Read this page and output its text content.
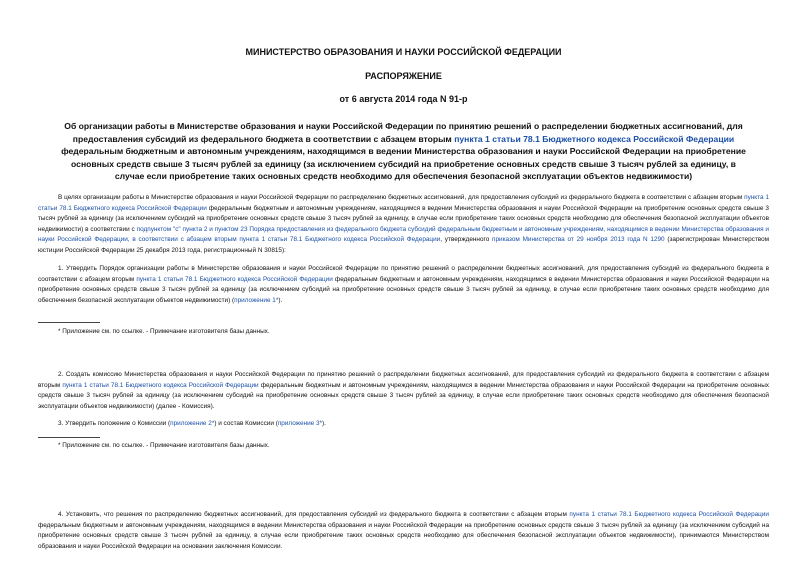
МИНИСТЕРСТВО ОБРАЗОВАНИЯ И НАУКИ РОССИЙСКОЙ ФЕДЕРАЦИИ
РАСПОРЯЖЕНИЕ
от 6 августа 2014 года N 91-р
Об организации работы в Министерстве образования и науки Российской Федерации по принятию решений о распределении бюджетных ассигнований, для предоставления субсидий из федерального бюджета в соответствии с абзацем вторым пункта 1 статьи 78.1 Бюджетного кодекса Российской Федерации федеральным бюджетным и автономным учреждениям, находящимся в ведении Министерства образования и науки Российской Федерации на приобретение основных средств свыше 3 тысяч рублей за единицу (за исключением субсидий на приобретение основных средств свыше 3 тысяч рублей за единицу, в случае если приобретение таких основных средств необходимо для обеспечения безопасной эксплуатации объектов недвижимости)
В целях организации работы в Министерстве образования и науки Российской Федерации по распределению бюджетных ассигнований, для предоставления субсидий из федерального бюджета в соответствии с абзацем вторым пункта 1 статьи 78.1 Бюджетного кодекса Российской Федерации федеральным бюджетным и автономным учреждениям, находящимся в ведении Министерства образования и науки Российской Федерации на приобретение основных средств свыше 3 тысяч рублей за единицу (за исключением субсидий на приобретение основных средств свыше 3 тысяч рублей за единицу, в случае если приобретение таких основных средств необходимо для обеспечения безопасной эксплуатации объектов недвижимости) в соответствии с подпунктом "с" пункта 2 и пунктом 23 Порядка предоставления из федерального бюджета субсидий федеральным бюджетным и автономным учреждениям, находящимся в ведении Министерства образования и науки Российской Федерации, в соответствии с абзацем вторым пункта 1 статьи 78.1 Бюджетного кодекса Российской Федерации, утвержденного приказом Министерства от 29 ноября 2013 года N 1290 (зарегистрирован Министерством юстиции Российской Федерации 25 декабря 2013 года, регистрационный N 30815):
1. Утвердить Порядок организации работы в Министерстве образования и науки Российской Федерации по принятию решений о распределении бюджетных ассигнований, для предоставления субсидий из федерального бюджета в соответствии с абзацем вторым пункта 1 статьи 78.1 Бюджетного кодекса Российской Федерации федеральным бюджетным и автономным учреждениям, находящимся в ведении Министерства образования и науки Российской Федерации на приобретение основных средств свыше 3 тысяч рублей за единицу (за исключением субсидий на приобретение основных средств свыше 3 тысяч рублей за единицу, в случае если приобретение таких основных средств необходимо для обеспечения безопасной эксплуатации объектов недвижимости) (приложение 1*).
* Приложение см. по ссылке. - Примечание изготовителя базы данных.
2. Создать комиссию Министерства образования и науки Российской Федерации по принятию решений о распределении бюджетных ассигнований, для предоставления субсидий из федерального бюджета в соответствии с абзацем вторым пункта 1 статьи 78.1 Бюджетного кодекса Российской Федерации федеральным бюджетным и автономным учреждениям, находящимся в ведении Министерства образования и науки Российской Федерации на приобретение основных средств свыше 3 тысяч рублей за единицу (за исключением субсидий на приобретение основных средств свыше 3 тысяч рублей за единицу, в случае если приобретение таких основных средств необходимо для обеспечения безопасной эксплуатации объектов недвижимости) (далее - Комиссия).
3. Утвердить положение о Комиссии (приложение 2*) и состав Комиссии (приложение 3*).
* Приложение см. по ссылке. - Примечание изготовителя базы данных.
4. Установить, что решения по распределению бюджетных ассигнований, для предоставления субсидий из федерального бюджета в соответствии с абзацем вторым пункта 1 статьи 78.1 Бюджетного кодекса Российской Федерации федеральным бюджетным и автономным учреждениям, находящимся в ведении Министерства образования и науки Российской Федерации на приобретение основных средств свыше 3 тысяч рублей за единицу (за исключением субсидий на приобретение основных средств свыше 3 тысяч рублей за единицу, в случае если приобретение таких основных средств необходимо для обеспечения безопасной эксплуатации объектов недвижимости), принимаются Министерством образования и науки Российской Федерации на основании заключения Комиссии.
